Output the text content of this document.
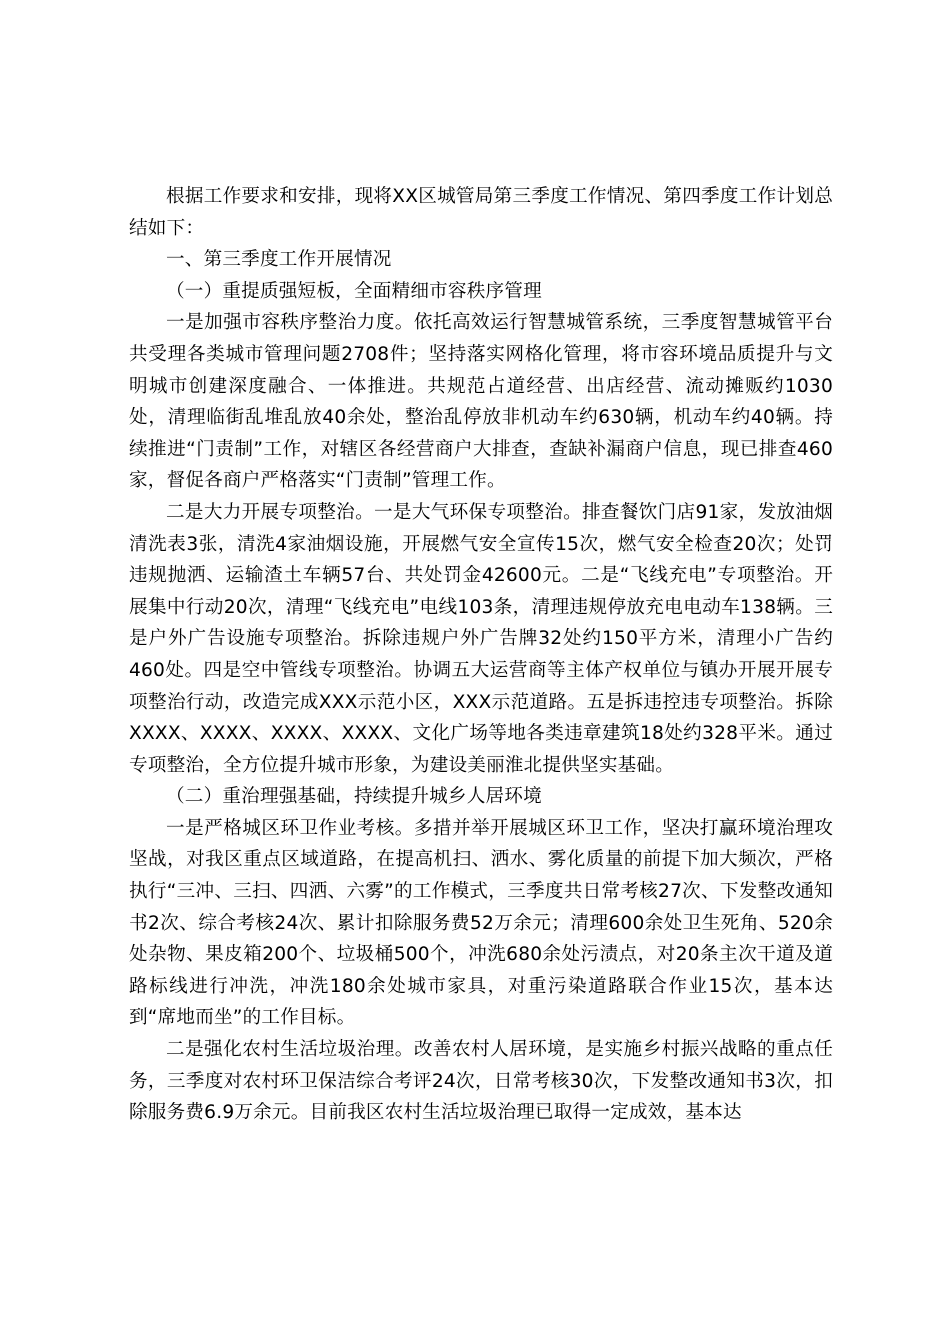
根据工作要求和安排，现将XX区城管局第三季度工作情况、第四季度工作计划总结如下：

一、第三季度工作开展情况

（一）重提质强短板，全面精细市容秩序管理

一是加强市容秩序整治力度。依托高效运行智慧城管系统，三季度智慧城管平台共受理各类城市管理问题2708件；坚持落实网格化管理，将市容环境品质提升与文明城市创建深度融合、一体推进。共规范占道经营、出店经营、流动摊贩约1030处，清理临街乱堆乱放40余处，整治乱停放非机动车约630辆，机动车约40辆。持续推进“门责制”工作，对辖区各经营商户大排查，查缺补漏商户信息，现已排查460家，督促各商户严格落实“门责制”管理工作。

二是大力开展专项整治。一是大气环保专项整治。排查餐饮门店91家，发放油烟清洗表3张，清洗4家油烟设施，开展燃气安全宣传15次，燃气安全检查20次；处罚违规抛洒、运输渣土车辆57台、共处罚金42600元。二是“飞线充电”专项整治。开展集中行动20次，清理“飞线充电”电线103条，清理违规停放充电电动车138辆。三是户外广告设施专项整治。拆除违规户外广告牌32处约150平方米，清理小广告约460处。四是空中管线专项整治。协调五大运营商等主体产权单位与镇办开展开展专项整治行动，改造完成XXX示范小区，XXX示范道路。五是拆违控违专项整治。拆除XXXX、XXXX、XXXX、XXXX、文化广场等地各类违章建筑18处约328平米。通过专项整治，全方位提升城市形象，为建设美丽淮北提供坚实基础。

（二）重治理强基础，持续提升城乡人居环境

一是严格城区环卫作业考核。多措并举开展城区环卫工作，坚决打赢环境治理攻坚战，对我区重点区域道路，在提高机扫、洒水、雾化质量的前提下加大频次，严格执行“三冲、三扫、四洒、六雾”的工作模式，三季度共日常考核27次、下发整改通知书2次、综合考核24次、累计扣除服务费52万余元；清理600余处卫生死角、520余处杂物、果皮箱200个、垃圾桶500个，冲洗680余处污渍点，对20条主次干道及道路标线进行冲洗，冲洗180余处城市家具，对重污染道路联合作业15次，基本达到“席地而坐”的工作目标。

二是强化农村生活垃圾治理。改善农村人居环境，是实施乡村振兴战略的重点任务，三季度对农村环卫保洁综合考评24次，日常考核30次，下发整改通知书3次，扣除服务费6.9万余元。目前我区农村生活垃圾治理已取得一定成效，基本达
